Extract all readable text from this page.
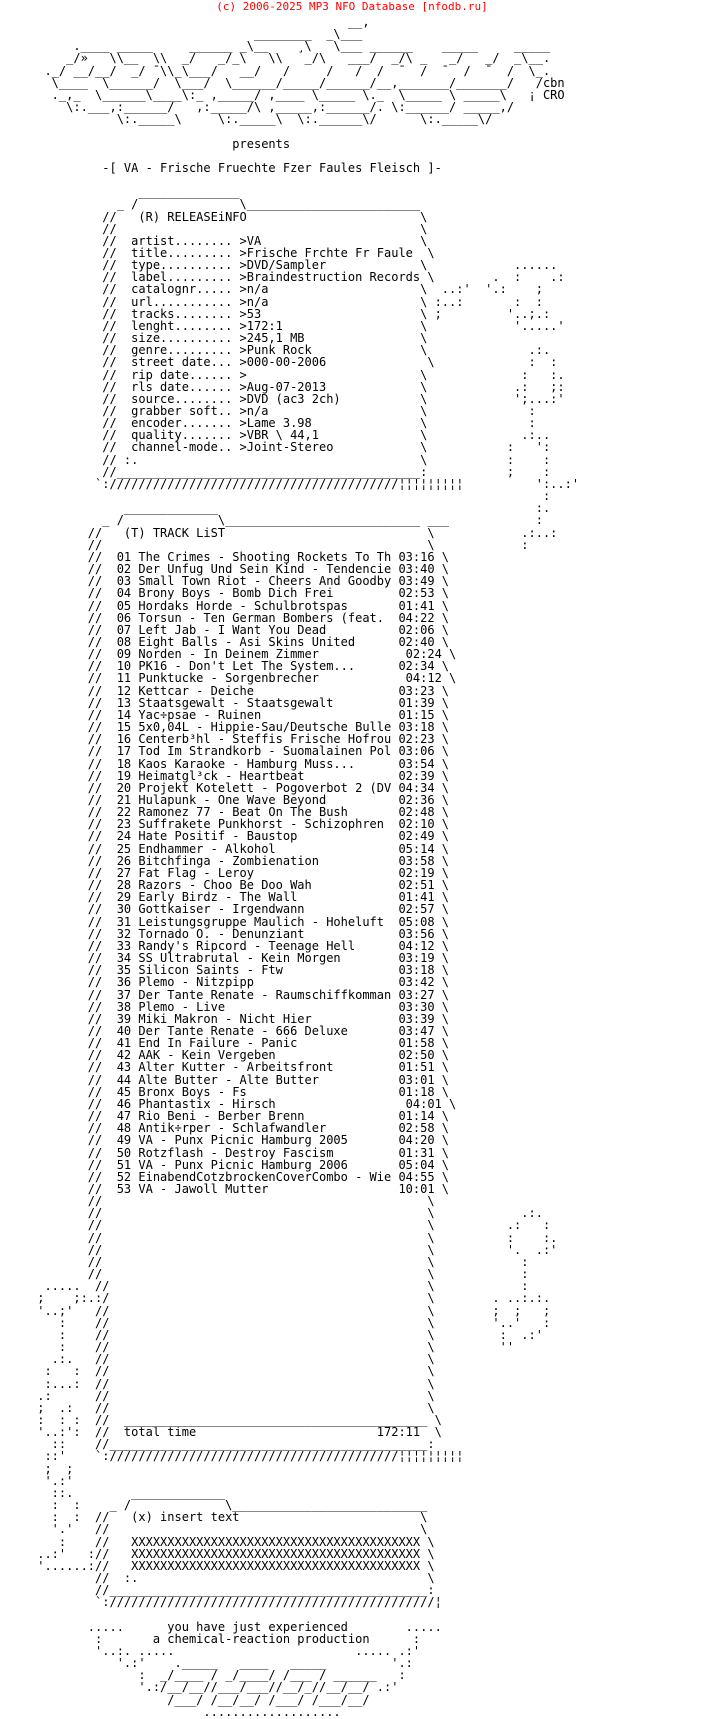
(c) 2006-2025 MP3 NFO Database [nfodb.ru]
__,
________  _\___
.____ _____     ______ _\__    ¸\   \___ ______    _____     _____
_/»   \\__  \\  _/   _/_\   \\   _/\   ___/  _/\ _   _/   _/  _\__.
._/ __/__/  _/ ¯\\_\___/   __/   /     /   /  /  ¯  /  ¯  /  ¯  /  \_.
\____  \______/  \___/  \______/_____/______/__,_______/_______/   /cbn
._,_  \______\____\:_ ,_____/ ,____ \_____ \._  \_____ \ _____\   ¡ CRO
\:.___,:______/   ,:_____/\ ,_____,:______/. \:______/ _____,/
\:._____\     \:._____\  \:.______\/      \:._____\/

presents

-[ VA - Frische Fruechte Fzer Faules Fleisch ]-

______________
_ /              \________________________
//   (R) RELEASEiNFO                        \
//                                          \
//  artist........ >VA                      \
//  title......... >Frische Frchte Fr Faule  \
//  type.......... >DVD/Sampler             \            ......
//  label......... >Braindestruction Records \        .  :    .:
//  catalognr..... >n/a                     \  ..:'  '.:    ;
//  url........... >n/a                     \ :..:       :  :
//  tracks........ >53                      \ ;         '..;.:
//  lenght........ >172:1                   \            '.....'
//  size.......... >245,1 MB                \
//  genre......... >Punk Rock               \              .:.
//  street date... >000-00-2006              \             :  :
//  rip date...... >                        \             :   :.
//  rls date...... >Aug-07-2013             \            .:   ;:
//  source........ >DVD (ac3 2ch)           \            ';...:'
//  grabber soft.. >n/a                     \              :
//  encoder....... >Lame 3.98               \              :
//  quality....... >VBR \ 44,1              \             .:..
//  channel-mode.. >Joint-Stereo            \           :   ':
// :.                                       \           :    :
//__________________________________________:           ;    :
`:////////////////////////////////////////¦¦¦¦¦¦¦¦¦          ':..:'
:
_____________                                            :.
_ /             \___________________________ ___            :
//   (T) TRACK LiST                            \            .:..:
//                                             \            :
//  01 The Crimes - Shooting Rockets To Th 03:16 \
//  02 Der Unfug Und Sein Kind - Tendencie 03:40 \
//  03 Small Town Riot - Cheers And Goodby 03:49 \
//  04 Brony Boys - Bomb Dich Frei         02:53 \
//  05 Hordaks Horde - Schulbrotspas       01:41 \
//  06 Torsun - Ten German Bombers (feat.  04:22 \
//  07 Left Jab - I Want You Dead          02:06 \
//  08 Eight Balls - Asi Skins United      02:40 \
//  09 Norden - In Deinem Zimmer            02:24 \
//  10 PK16 - Don't Let The System...      02:34 \
//  11 Punktucke - Sorgenbrecher            04:12 \
//  12 Kettcar - Deiche                    03:23 \
//  13 Staatsgewalt - Staatsgewalt         01:39 \
//  14 Yac÷psae - Ruinen                   01:15 \
//  15 5x0,04L - Hippie-Sau/Deutsche Bulle 03:18 \
//  16 Centerb³hl - Steffis Frische Hofrou 02:23 \
//  17 Tod Im Strandkorb - Suomalainen Pol 03:06 \
//  18 Kaos Karaoke - Hamburg Muss...      03:54 \
//  19 Heimatgl³ck - Heartbeat             02:39 \
//  20 Projekt Kotelett - Pogoverbot 2 (DV 04:34 \
//  21 Hulapunk - One Wave Beyond          02:36 \
//  22 Ramonez 77 - Beat On The Bush       02:48 \
//  23 Suffrakete Punkhorst - Schizophren  02:10 \
//  24 Hate Positif - Baustop              02:49 \
//  25 Endhammer - Alkohol                 05:14 \
//  26 Bitchfinga - Zombienation           03:58 \
//  27 Fat Flag - Leroy                    02:19 \
//  28 Razors - Choo Be Doo Wah            02:51 \
//  29 Early Birdz - The Wall              01:41 \
//  30 Gottkaiser - Irgendwann             02:57 \
//  31 Leistungsgruppe Maulich - Hoheluft  05:08 \
//  32 Tornado O. - Denunziant             03:56 \
//  33 Randy's Ripcord - Teenage Hell      04:12 \
//  34 SS Ultrabrutal - Kein Morgen        03:19 \
//  35 Silicon Saints - Ftw                03:18 \
//  36 Plemo - Nitzpipp                    03:42 \
//  37 Der Tante Renate - Raumschiffkomman 03:27 \
//  38 Plemo - Live                        03:30 \
//  39 Miki Makron - Nicht Hier            03:39 \
//  40 Der Tante Renate - 666 Deluxe       03:47 \
//  41 End In Failure - Panic              01:58 \
//  42 AAK - Kein Vergeben                 02:50 \
//  43 Alter Kutter - Arbeitsfront         01:51 \
//  44 Alte Butter - Alte Butter           03:01 \
//  45 Bronx Boys - Fs                     01:18 \
//  46 Phantastix - Hirsch                  04:01 \
//  47 Rio Beni - Berber Brenn             01:14 \
//  48 Antik÷rper - Schlafwandler          02:58 \
//  49 VA - Punx Picnic Hamburg 2005       04:20 \
//  50 Rotzflash - Destroy Fascism         01:31 \
//  51 VA - Punx Picnic Hamburg 2006       05:04 \
//  52 EinabendCotzbrockenCoverCombo - Wie 04:55 \
//  53 VA - Jawoll Mutter                  10:01 \
//                                             \
//                                             \            .:.
//                                             \          .:   :
//                                             \          :    :.
//                                             \          '.  .:'
//                                             \            :
//                                             \            :
.....  //                                            \            :
;    ;:.:/                                            \        . ..:.:.
'..;'   //                                            \        ;  ;   ;
:    //                                            \        '..'   :
:    //                                            \         :  .:'
:    //                                            \         ''
.:.   //                                            \
:   :  //                                            \
:...:  //                                            \
.:      //                                            \
;  .:   //                                            \
:  : :  //  __________________________________________ \
'..:':  //  total time                         172:11  \
::    //____________________________________________:
::'    `:////////////////////////////////////////¦¦¦¦¦¦¦¦¦
;  ;
'.:'
::.        _____________
:  :    _ /             \___________________________
:  :  //   (x) insert text                         \
'.'   //                                           \
:    //   XXXXXXXXXXXXXXXXXXXXXXXXXXXXXXXXXXXXXXXX \
..:'   ://   XXXXXXXXXXXXXXXXXXXXXXXXXXXXXXXXXXXXXXXX \
'......://   XXXXXXXXXXXXXXXXXXXXXXXXXXXXXXXXXXXXXXXX \
//  :.                                        \
//____________________________________________:
`://///////////////////////////////////////////¦

.....      you have just experienced        .....
:       a chemical-reaction production      :
'..:. .....                         ..... .:'
'.:'    ._____   ____   _____         '.:
:  _/____ / _/____/ /___ / ______   :
'.:/__/__//___/___//__/_//__/__/ .:'
/___/ /__/__/ /___/ /___/__/
...................
